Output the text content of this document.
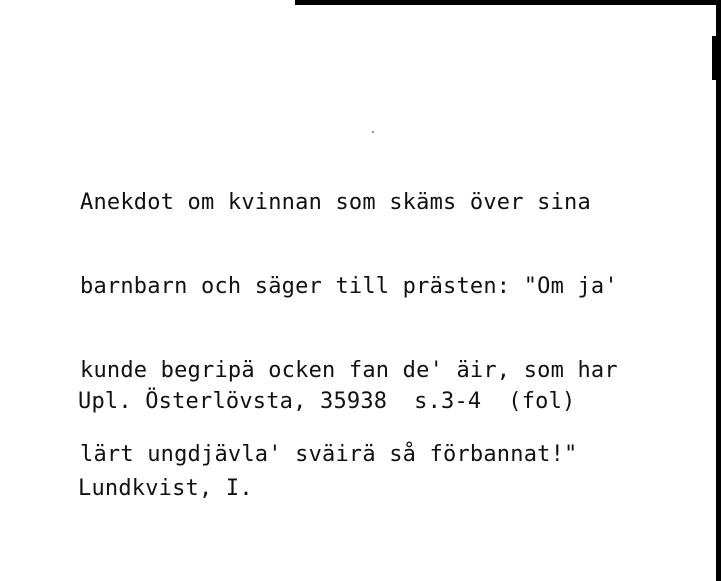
Anekdot om kvinnan som skäms över sina

barnbarn och säger till prästen: "Om ja'

kunde begripä ocken fan de' äir, som har

lärt ungdjävla' sväirä så förbannat!"

Upl. Österlövsta, 35938  s.3-4  (fol)

Lundkvist, I.
